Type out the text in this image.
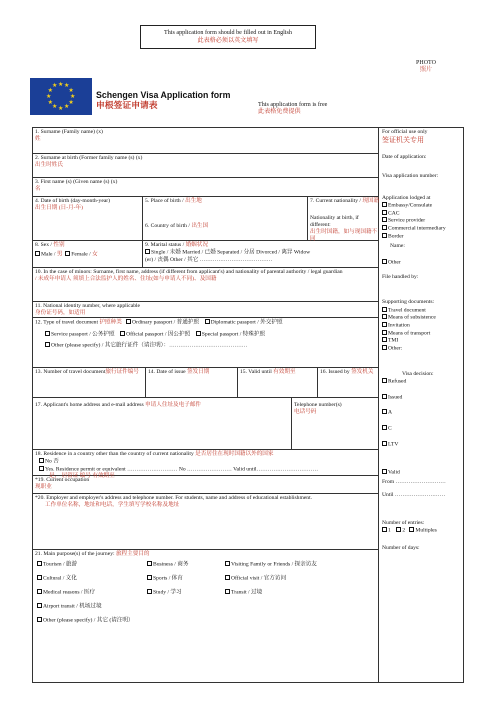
This application form should be filled out in English
此表格必须以英文填写
PHOTO
照片
★ ★
★
★
★
★
★
★
★
★
★
★
Schengen Visa Application form
申根签证申请表	This application form is free
此表格免费提供
1. Surname (Family name) (x)
姓
2. Surname at birth (Former family name (s) (x)
出生时姓氏
3. First name (s) (Given name (s) (x)
名
4. Date of birth (day-month-year)
出生日期 (日-月-年)
5. Place of birth / 出生地
6. Country of birth / 出生国
7. Current nationality / 现国籍
Nationality at birth, if different:
出生时国籍，如与现国籍不同
8. Sex / 性别
Male / 男 Female / 女
9. Marital status / 婚姻状况
Single / 未婚 Married / 已婚 Separated / 分居 Divorced / 离异 Widow
(er) / 丧偶 Other / 其它 …………………………………
10. In the case of minors: Surname, first name, address (if different from applicant's) and nationality of parental authority / legal guardian
/ 未成年申请人 须填上合法监护人的姓名、住址(如与申请人不同)、及国籍
11. National identity number, where applicable
身份证号码，如适用
12. Type of travel document 护照种类 Ordinary passport / 普通护照 Diplomatic passport / 外交护照
Service passport / 公务护照 Official passport / 因公护照 Special passport / 特殊护照
Other (please specify) / 其它旅行证件（请注明）：……………………………………
13. Number of travel document旅行证件编号	14. Date of issue 签发日期	15. Valid until 有效期至	16. Issued by 签发机关
17. Applicant's home address and e-mail address 申请人住址及电子邮件	Telephone number(s)
电话号码
18. Residence in a country other than the country of current nationality 是否居住在现时国籍以外的国家
No 否
Yes. Residence permit or equivalent ……………………… No …………………… Valid until……………………………
是， 居留证 编号 有效期至
*19. Current occupation
现职业
*20. Employer and employer's address and telephone number. For students, name and address of educational establishment.
工作单位名称，地址和电话，学生填写学校名称及地址
21. Main purpose(s) of the journey: 旅程主要目的
Tourism / 旅游	Business / 商务	Visiting Family or Friends / 探亲访友
Cultural / 文化	Sports / 体育	Official visit / 官方访问
Medical reasons / 医疗	Study / 学习	Transit / 过境
Airport transit / 机场过境
Other (please specify) / 其它 (请注明）
For official use only
签证机关专用
Date of application:
Visa application number:
Application lodged at
Embassy/Consulate
CAC
Service provider
Commercial intermediary
Border
Name:
Other
File handled by:
Supporting documents:
Travel document
Means of subsistence
Invitation
Means of transport
TMI
Other:
Visa decision:
Refused
Issued
A
C
LTV
Valid
From ………………………
Until ………………………
Number of entries:
1 2 Multiples
Number of days:
